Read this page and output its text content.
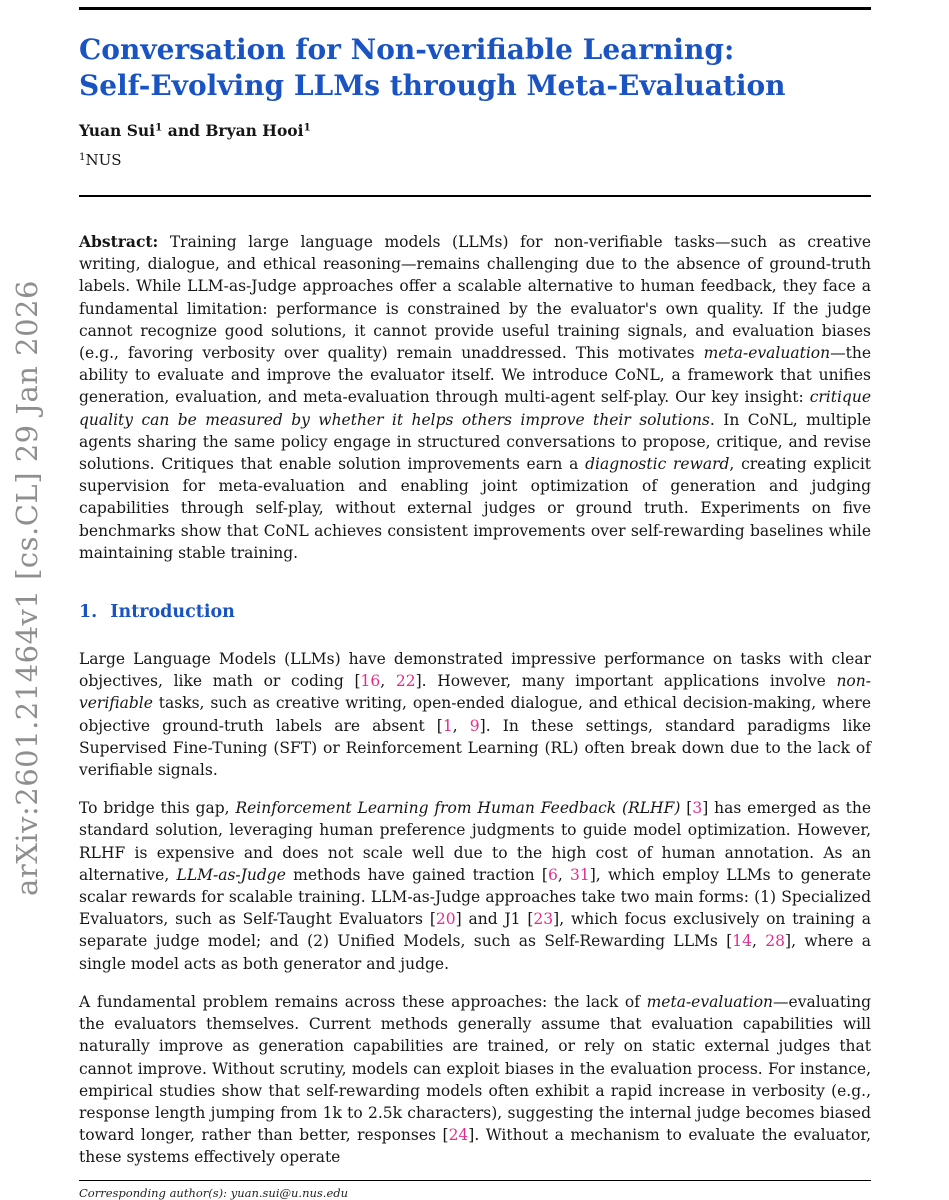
arXiv:2601.21464v1 [cs.CL] 29 Jan 2026
Conversation for Non-verifiable Learning:
Self-Evolving LLMs through Meta-Evaluation
Yuan Sui$^1$ and Bryan Hooi$^1$
$^1$NUS

Abstract: Training large language models (LLMs) for non-verifiable tasks—such as creative writing, dialogue, and ethical reasoning—remains challenging due to the absence of ground-truth labels. While LLM-as-Judge approaches offer a scalable alternative to human feedback, they face a fundamental limitation: performance is constrained by the evaluator's own quality. If the judge cannot recognize good solutions, it cannot provide useful training signals, and evaluation biases (e.g., favoring verbosity over quality) remain unaddressed. This motivates meta-evaluation—the ability to evaluate and improve the evaluator itself. We introduce CoNL, a framework that unifies generation, evaluation, and meta-evaluation through multi-agent self-play. Our key insight: critique quality can be measured by whether it helps others improve their solutions. In CoNL, multiple agents sharing the same policy engage in structured conversations to propose, critique, and revise solutions. Critiques that enable solution improvements earn a diagnostic reward, creating explicit supervision for meta-evaluation and enabling joint optimization of generation and judging capabilities through self-play, without external judges or ground truth. Experiments on five benchmarks show that CoNL achieves consistent improvements over self-rewarding baselines while maintaining stable training.

1. Introduction

Large Language Models (LLMs) have demonstrated impressive performance on tasks with clear objectives, like math or coding [16, 22]. However, many important applications involve non-verifiable tasks, such as creative writing, open-ended dialogue, and ethical decision-making, where objective ground-truth labels are absent [1, 9]. In these settings, standard paradigms like Supervised Fine-Tuning (SFT) or Reinforcement Learning (RL) often break down due to the lack of verifiable signals.

To bridge this gap, Reinforcement Learning from Human Feedback (RLHF) [3] has emerged as the standard solution, leveraging human preference judgments to guide model optimization. However, RLHF is expensive and does not scale well due to the high cost of human annotation. As an alternative, LLM-as-Judge methods have gained traction [6, 31], which employ LLMs to generate scalar rewards for scalable training. LLM-as-Judge approaches take two main forms: (1) Specialized Evaluators, such as Self-Taught Evaluators [20] and J1 [23], which focus exclusively on training a separate judge model; and (2) Unified Models, such as Self-Rewarding LLMs [14, 28], where a single model acts as both generator and judge.

A fundamental problem remains across these approaches: the lack of meta-evaluation—evaluating the evaluators themselves. Current methods generally assume that evaluation capabilities will naturally improve as generation capabilities are trained, or rely on static external judges that cannot improve. Without scrutiny, models can exploit biases in the evaluation process. For instance, empirical studies show that self-rewarding models often exhibit a rapid increase in verbosity (e.g., response length jumping from 1k to 2.5k characters), suggesting the internal judge becomes biased toward longer, rather than better, responses [24]. Without a mechanism to evaluate the evaluator, these systems effectively operate

Corresponding author(s): yuan.sui@u.nus.edu
